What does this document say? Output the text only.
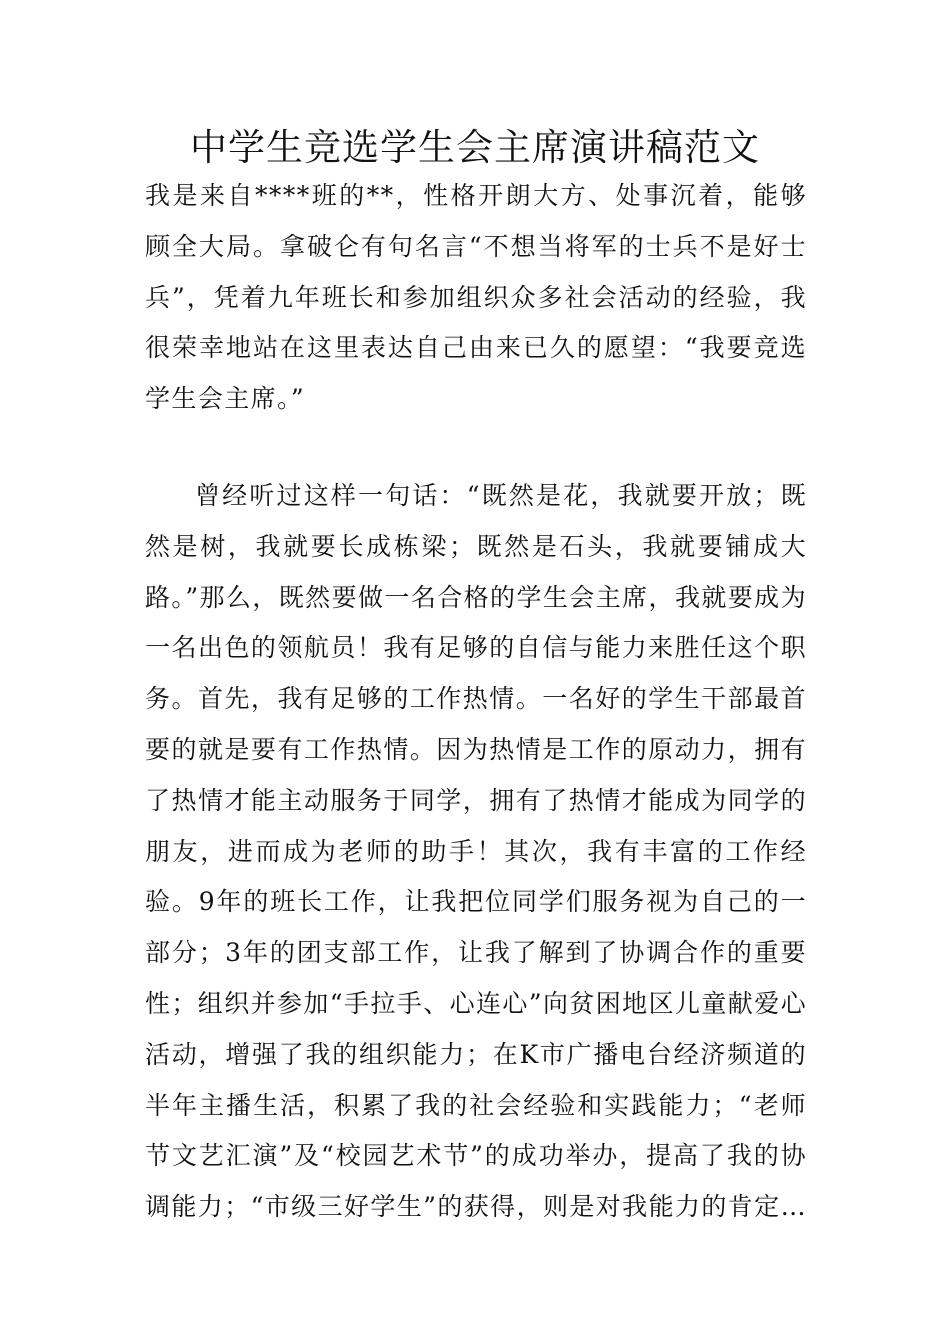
中学生竞选学生会主席演讲稿范文

我是来自****班的**，性格开朗大方、处事沉着，能够顾全大局。拿破仑有句名言“不想当将军的士兵不是好士兵”，凭着九年班长和参加组织众多社会活动的经验，我很荣幸地站在这里表达自己由来已久的愿望：“我要竞选学生会主席。”

曾经听过这样一句话：“既然是花，我就要开放；既然是树，我就要长成栋梁；既然是石头，我就要铺成大路。”那么，既然要做一名合格的学生会主席，我就要成为一名出色的领航员！我有足够的自信与能力来胜任这个职务。首先，我有足够的工作热情。一名好的学生干部最首要的就是要有工作热情。因为热情是工作的原动力，拥有了热情才能主动服务于同学，拥有了热情才能成为同学的朋友，进而成为老师的助手！其次，我有丰富的工作经验。9年的班长工作，让我把位同学们服务视为自己的一部分；3年的团支部工作，让我了解到了协调合作的重要性；组织并参加“手拉手、心连心”向贫困地区儿童献爱心活动，增强了我的组织能力；在K市广播电台经济频道的半年主播生活，积累了我的社会经验和实践能力；“老师节文艺汇演”及“校园艺术节”的成功举办，提高了我的协调能力；“市级三好学生”的获得，则是对我能力的肯定…
